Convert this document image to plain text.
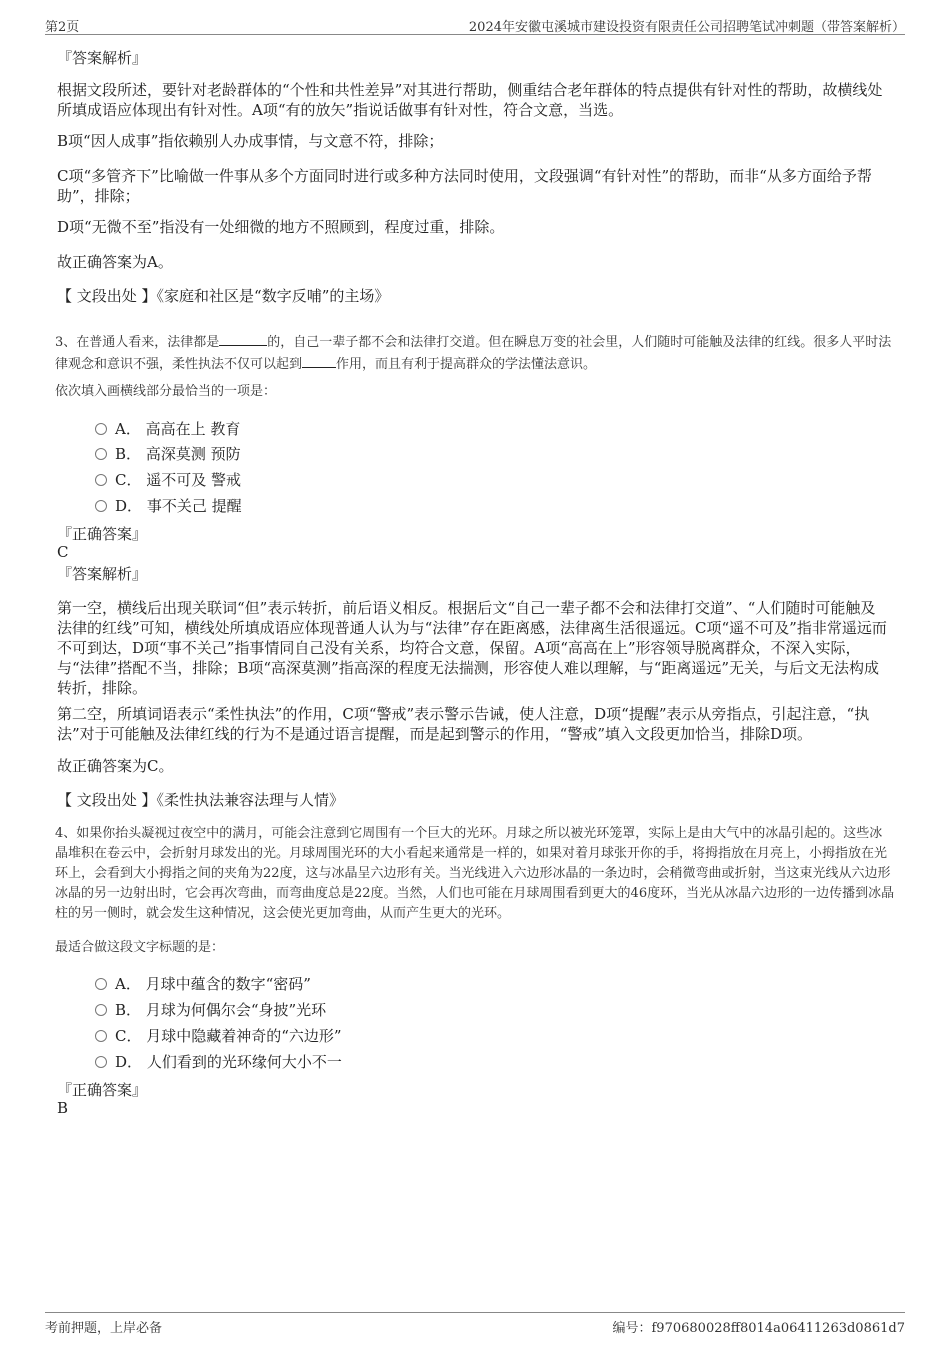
第2页	2024年安徽屯溪城市建设投资有限责任公司招聘笔试冲刺题（带答案解析）
『答案解析』
根据文段所述，要针对老龄群体的“个性和共性差异”对其进行帮助，侧重结合老年群体的特点提供有针对性的帮助，故横线处所填成语应体现出有针对性。A项“有的放矢”指说话做事有针对性，符合文意，当选。
B项“因人成事”指依赖别人办成事情，与文意不符，排除；
C项“多管齐下”比喻做一件事从多个方面同时进行或多种方法同时使用，文段强调“有针对性”的帮助，而非“从多方面给予帮助”，排除；
D项“无微不至”指没有一处细微的地方不照顾到，程度过重，排除。
故正确答案为A。
【 文段出处 】《家庭和社区是“数字反哺”的主场》
3、在普通人看来，法律都是	的，自己一辈子都不会和法律打交道。但在瞬息万变的社会里，人们随时可能触及法律的红线。很多人平时法律观念和意识不强，柔性执法不仅可以起到	作用，而且有利于提高群众的学法懂法意识。
依次填入画横线部分最恰当的一项是：
A． 高高在上 教育
B． 高深莫测 预防
C． 遥不可及 警戒
D． 事不关己 提醒
『正确答案』
C
『答案解析』
第一空，横线后出现关联词“但”表示转折，前后语义相反。根据后文“自己一辈子都不会和法律打交道”、“人们随时可能触及法律的红线”可知，横线处所填成语应体现普通人认为与“法律”存在距离感，法律离生活很遥远。C项“遥不可及”指非常遥远而不可到达，D项“事不关己”指事情同自己没有关系，均符合文意，保留。A项“高高在上”形容领导脱离群众，不深入实际，与“法律”搭配不当，排除；B项“高深莫测”指高深的程度无法揣测，形容使人难以理解，与“距离遥远”无关，与后文无法构成转折，排除。
第二空，所填词语表示“柔性执法”的作用，C项“警戒”表示警示告诫，使人注意，D项“提醒”表示从旁指点，引起注意，“执法”对于可能触及法律红线的行为不是通过语言提醒，而是起到警示的作用，“警戒”填入文段更加恰当，排除D项。
故正确答案为C。
【 文段出处 】《柔性执法兼容法理与人情》
4、如果你抬头凝视过夜空中的满月，可能会注意到它周围有一个巨大的光环。月球之所以被光环笼罩，实际上是由大气中的冰晶引起的。这些冰晶堆积在卷云中，会折射月球发出的光。月球周围光环的大小看起来通常是一样的，如果对着月球张开你的手，将拇指放在月亮上，小拇指放在光环上，会看到大小拇指之间的夹角为22度，这与冰晶呈六边形有关。当光线进入六边形冰晶的一条边时，会稍微弯曲或折射，当这束光线从六边形冰晶的另一边射出时，它会再次弯曲，而弯曲度总是22度。当然，人们也可能在月球周围看到更大的46度环，当光从冰晶六边形的一边传播到冰晶柱的另一侧时，就会发生这种情况，这会使光更加弯曲，从而产生更大的光环。
最适合做这段文字标题的是：
A． 月球中蕴含的数字“密码”
B． 月球为何偶尔会“身披”光环
C． 月球中隐藏着神奇的“六边形”
D． 人们看到的光环缘何大小不一
『正确答案』
B
考前押题，上岸必备	编号：f970680028ff8014a06411263d0861d7
